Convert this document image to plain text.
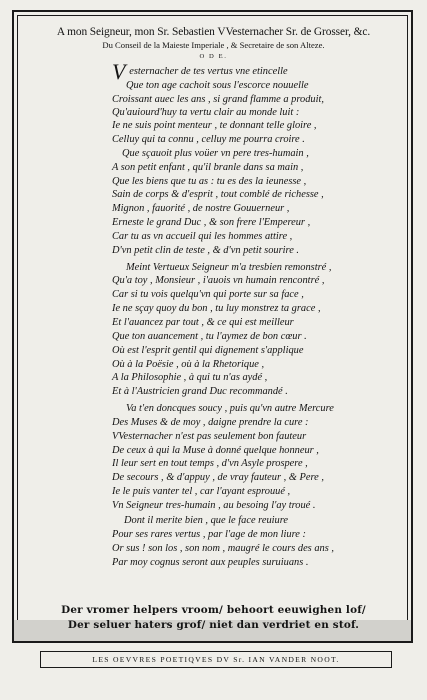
A mon Seigneur, mon Sr. Sebastien VVesternacher Sr. de Grosser, &c.
Du Conseil de la Maieste Imperiale , & Secretaire de son Alteze.
O D E.
V esternacher de tes vertus vne etincelle
Que ton age cachoit sous l'escorce nouuelle
Croissant auec les ans , si grand flamme a produit,
Qu'auiourd'huy ta vertu clair au monde luit :
Ie ne suis point menteur , te donnant telle gloire ,
Celluy qui ta connu , celluy me pourra croire .
Que sçauoit plus voüer vn pere tres-humain ,
A son petit enfant , qu'il branle dans sa main ,
Que les biens que tu as : tu es des la ieunesse ,
Sain de corps & d'esprit , tout comblé de richesse ,
Mignon , fauorité , de nostre Gouuerneur ,
Erneste le grand Duc , & son frere l'Empereur ,
Car tu as vn accueil qui les hommes attire ,
D'vn petit clin de teste , & d'vn petit sourire .
Meint Vertueux Seigneur m'a tresbien remonstré ,
Qu'a toy , Monsieur , i'auois vn humain rencontré ,
Car si tu vois quelqu'vn qui porte sur sa face ,
Ie ne sçay quoy du bon , tu luy monstrez ta grace ,
Et l'auancez par tout , & ce qui est meilleur
Que ton auancement , tu l'aymez de bon cœur .
Où est l'esprit gentil qui dignement s'applique
Où à la Poësie , où à la Rhetorique ,
A la Philosophie , à qui tu n'as aydé ,
Et à l'Austricien grand Duc recommandé .
Va t'en doncques soucy , puis qu'vn autre Mercure
Des Muses & de moy , daigne prendre la cure :
VVesternacher n'est pas seulement bon fauteur
De ceux à qui la Muse à donné quelque honneur ,
Il leur sert en tout temps , d'vn Asyle prospere ,
De secours , & d'appuy , de vray fauteur , & Pere ,
Ie le puis vanter tel , car l'ayant esprouué ,
Vn Seigneur tres-humain , au besoing l'ay troué .
Dont il merite bien , que le face reuiure
Pour ses rares vertus , par l'age de mon liure :
Or sus ! son los , son nom , maugré le cours des ans ,
Par moy cognus seront aux peuples suruiuans .
Der vromer helpers vroom/ behoort eeuwighen lof/
Der seluer haters grof/ niet dan verdriet en stof.
LES OEVVRES POETIQVES DV Sr. IAN VANDER NOOT.
